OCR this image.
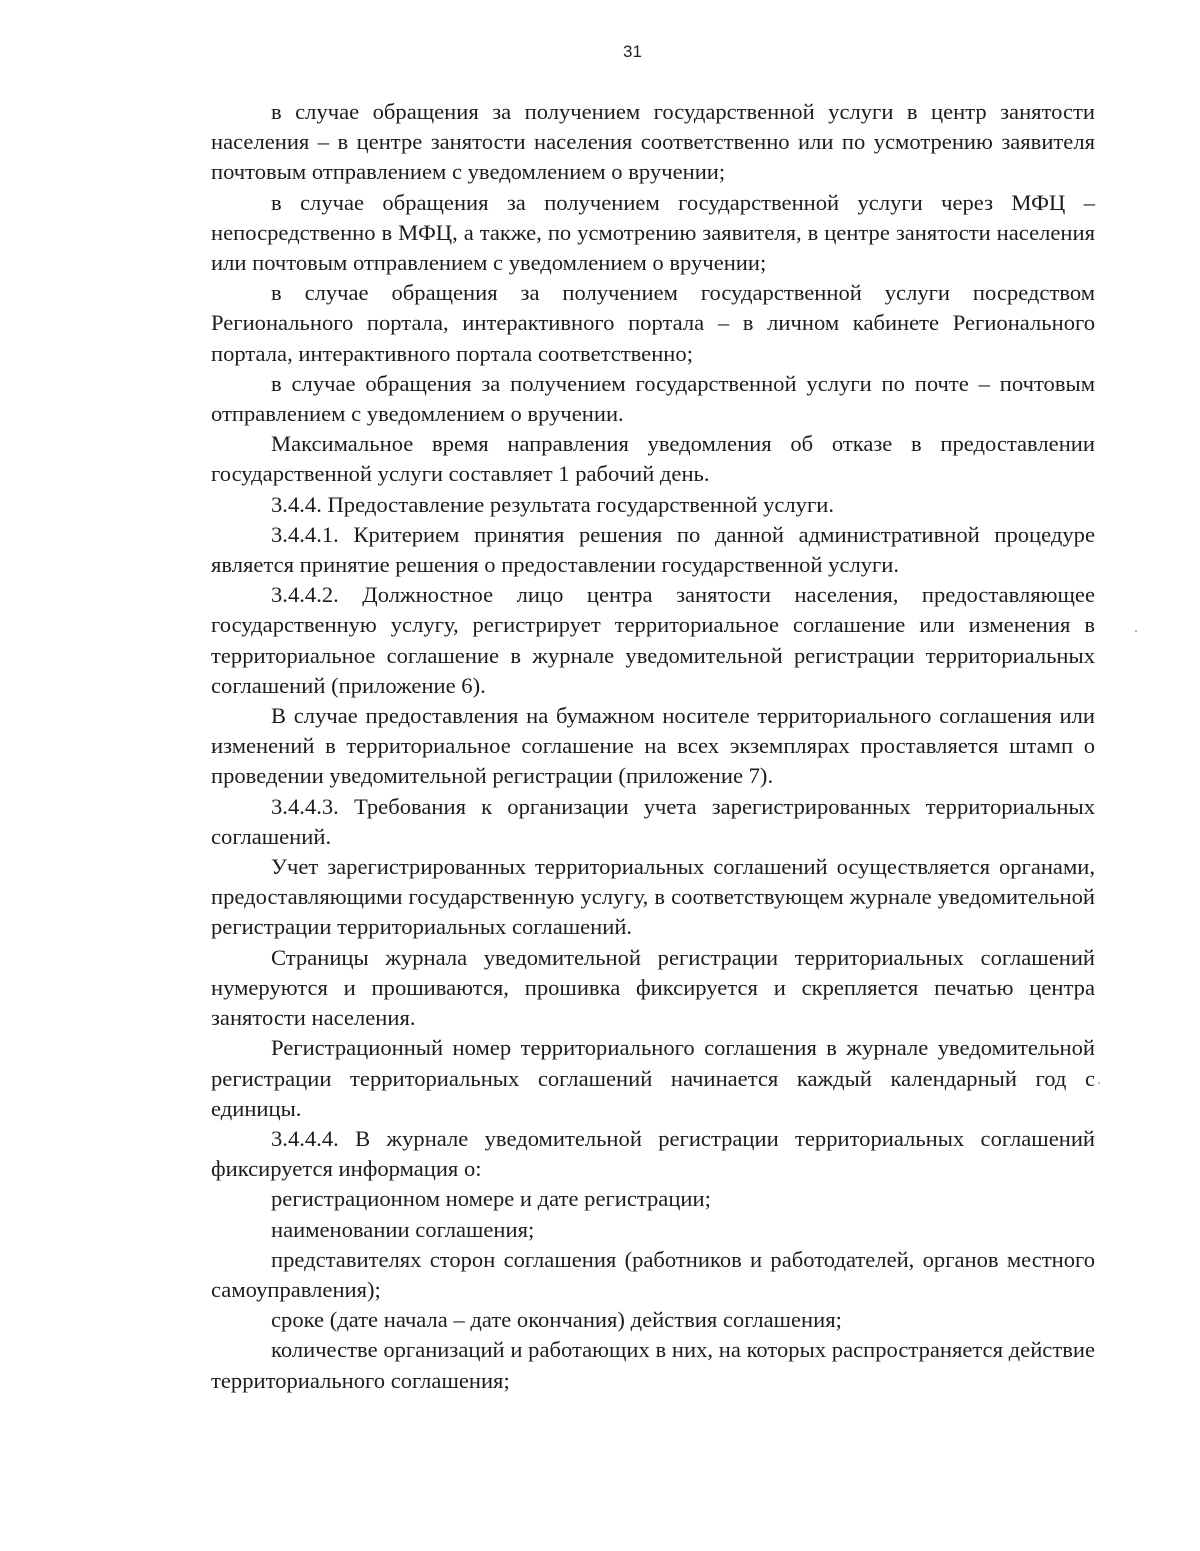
31

в случае обращения за получением государственной услуги в центр занятости населения – в центре занятости населения соответственно или по усмотрению заявителя почтовым отправлением с уведомлением о вручении;

в случае обращения за получением государственной услуги через МФЦ – непосредственно в МФЦ, а также, по усмотрению заявителя, в центре занятости населения или почтовым отправлением с уведомлением о вручении;

в случае обращения за получением государственной услуги посредством Регионального портала, интерактивного портала – в личном кабинете Регионального портала, интерактивного портала соответственно;

в случае обращения за получением государственной услуги по почте – почтовым отправлением с уведомлением о вручении.

Максимальное время направления уведомления об отказе в предоставлении государственной услуги составляет 1 рабочий день.

3.4.4. Предоставление результата государственной услуги.

3.4.4.1. Критерием принятия решения по данной административной процедуре является принятие решения о предоставлении государственной услуги.

3.4.4.2. Должностное лицо центра занятости населения, предоставляющее государственную услугу, регистрирует территориальное соглашение или изменения в территориальное соглашение в журнале уведомительной регистрации территориальных соглашений (приложение 6).

В случае предоставления на бумажном носителе территориального соглашения или изменений в территориальное соглашение на всех экземплярах проставляется штамп о проведении уведомительной регистрации (приложение 7).

3.4.4.3. Требования к организации учета зарегистрированных территориальных соглашений.

Учет зарегистрированных территориальных соглашений осуществляется органами, предоставляющими государственную услугу, в соответствующем журнале уведомительной регистрации территориальных соглашений.

Страницы журнала уведомительной регистрации территориальных соглашений нумеруются и прошиваются, прошивка фиксируется и скрепляется печатью центра занятости населения.

Регистрационный номер территориального соглашения в журнале уведомительной регистрации территориальных соглашений начинается каждый календарный год с единицы.

3.4.4.4. В журнале уведомительной регистрации территориальных соглашений фиксируется информация о:

регистрационном номере и дате регистрации;

наименовании соглашения;

представителях сторон соглашения (работников и работодателей, органов местного самоуправления);

сроке (дате начала – дате окончания) действия соглашения;

количестве организаций и работающих в них, на которых распространяется действие территориального соглашения;
